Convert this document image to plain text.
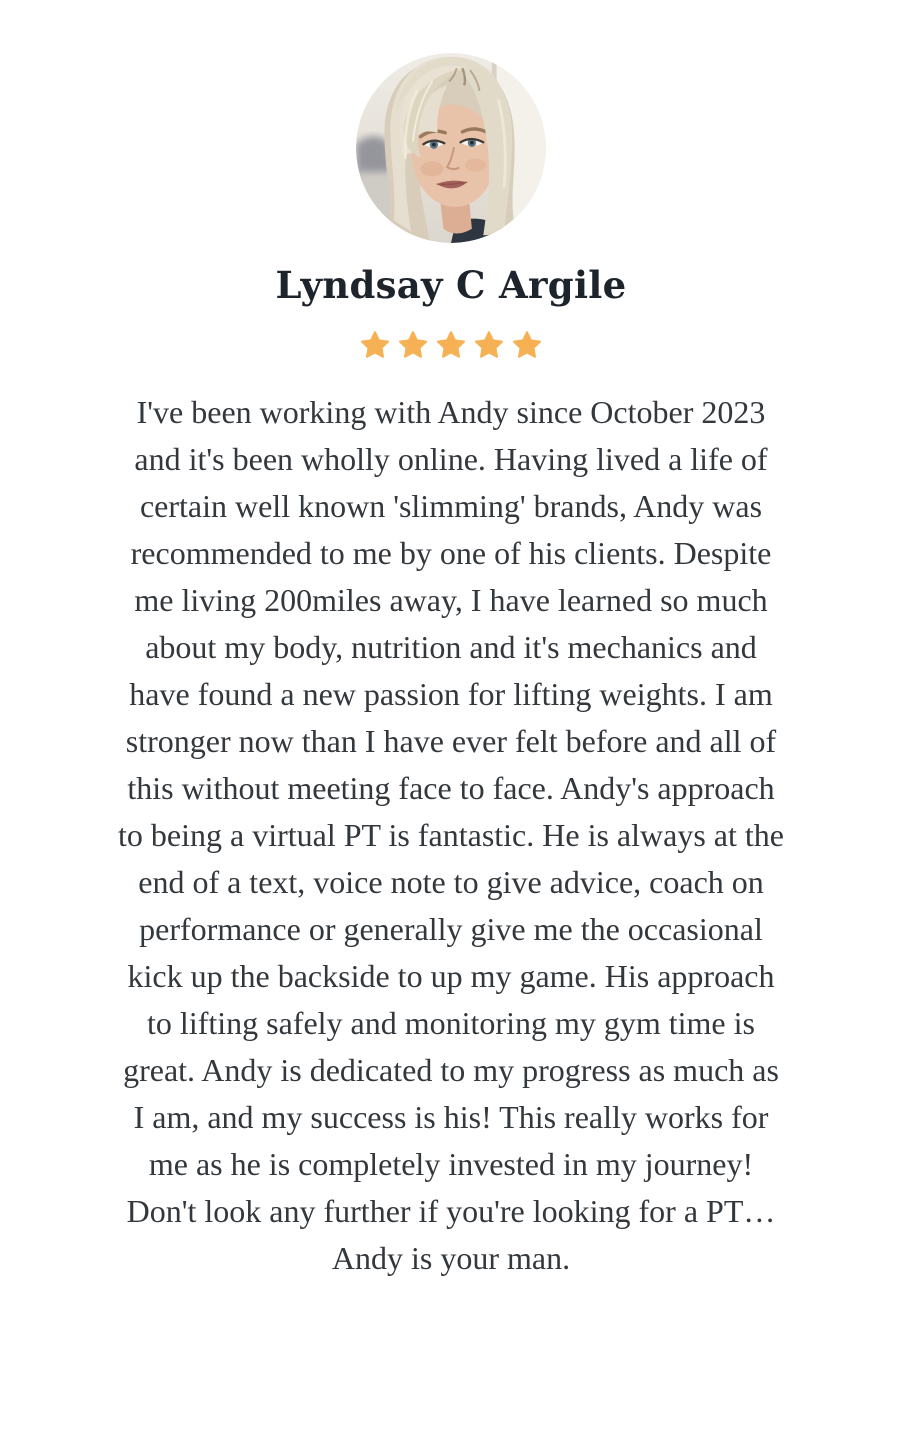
Lyndsay C Argile

I've been working with Andy since October 2023 and it's been wholly online. Having lived a life of certain well known 'slimming' brands, Andy was recommended to me by one of his clients. Despite me living 200miles away, I have learned so much about my body, nutrition and it's mechanics and have found a new passion for lifting weights. I am stronger now than I have ever felt before and all of this without meeting face to face. Andy's approach to being a virtual PT is fantastic. He is always at the end of a text, voice note to give advice, coach on performance or generally give me the occasional kick up the backside to up my game. His approach to lifting safely and monitoring my gym time is great. Andy is dedicated to my progress as much as I am, and my success is his! This really works for me as he is completely invested in my journey! Don't look any further if you're looking for a PT… Andy is your man.
